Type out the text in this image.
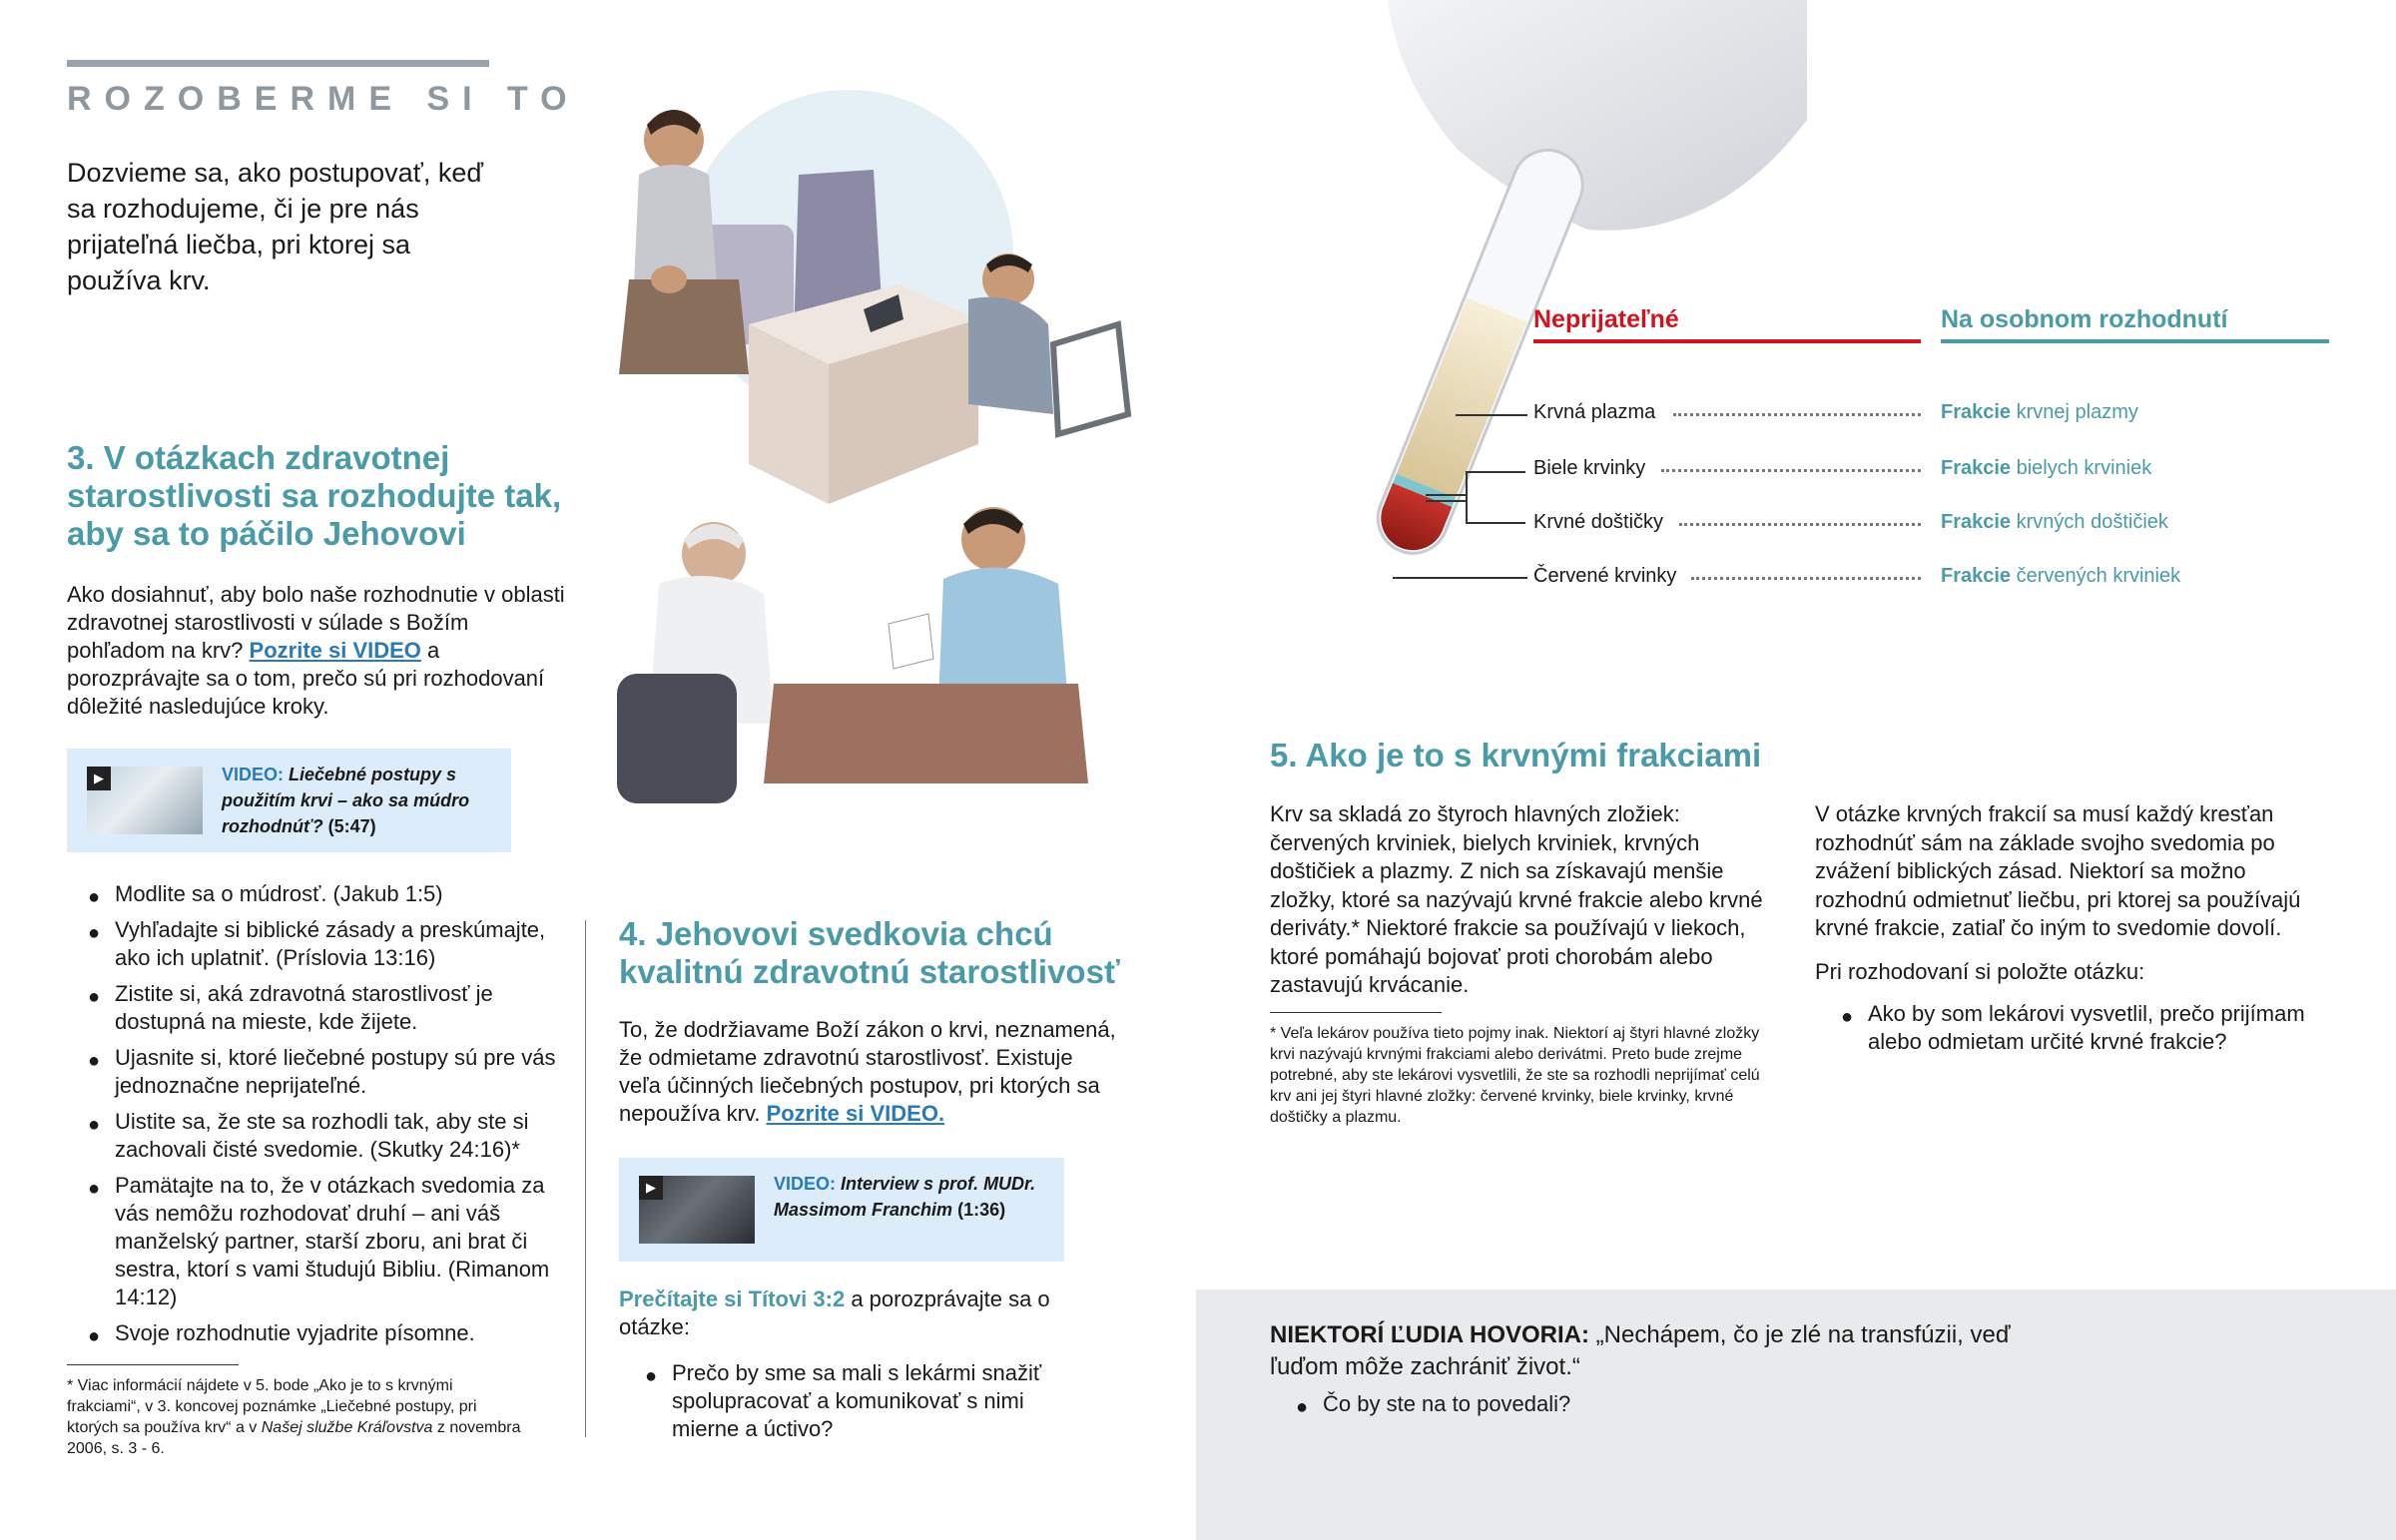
ROZOBERME SI TO
Dozvieme sa, ako postupovať, keď sa rozhodujeme, či je pre nás prijateľná liečba, pri ktorej sa používa krv.
3. V otázkach zdravotnej starostlivosti sa rozhodujte tak, aby sa to páčilo Jehovovi
Ako dosiahnuť, aby bolo naše rozhodnutie v oblasti zdravotnej starostlivosti v súlade s Božím pohľadom na krv? Pozrite si VIDEO a porozprávajte sa o tom, prečo sú pri rozhodovaní dôležité nasledujúce kroky.
▶	VIDEO: Liečebné postupy s použitím krvi – ako sa múdro rozhodnúť? (5:47)
● Modlite sa o múdrosť. (Jakub 1:5)
● Vyhľadajte si biblické zásady a preskúmajte, ako ich uplatniť. (Príslovia 13:16)
● Zistite si, aká zdravotná starostlivosť je dostupná na mieste, kde žijete.
● Ujasnite si, ktoré liečebné postupy sú pre vás jednoznačne neprijateľné.
● Uistite sa, že ste sa rozhodli tak, aby ste si zachovali čisté svedomie. (Skutky 24:16)*
● Pamätajte na to, že v otázkach svedomia za vás nemôžu rozhodovať druhí – ani váš manželský partner, starší zboru, ani brat či sestra, ktorí s vami študujú Bibliu. (Rimanom 14:12)
● Svoje rozhodnutie vyjadrite písomne.
* Viac informácií nájdete v 5. bode „Ako je to s krvnými frakciami“, v 3. koncovej poznámke „Liečebné postupy, pri ktorých sa používa krv“ a v Našej službe Kráľovstva z novembra 2006, s. 3 - 6.
4. Jehovovi svedkovia chcú kvalitnú zdravotnú starostlivosť
To, že dodržiavame Boží zákon o krvi, neznamená, že odmietame zdravotnú starostlivosť. Existuje veľa účinných liečebných postupov, pri ktorých sa nepoužíva krv. Pozrite si VIDEO.
▶	VIDEO: Interview s prof. MUDr. Massimom Franchim (1:36)
Prečítajte si Títovi 3:2 a porozprávajte sa o otázke:
● Prečo by sme sa mali s lekármi snažiť spolupracovať a komunikovať s nimi mierne a úctivo?
Neprijateľné	Na osobnom rozhodnutí
Krvná plazma	Frakcie krvnej plazmy
Biele krvinky	Frakcie bielych krviniek
Krvné doštičky	Frakcie krvných doštičiek
Červené krvinky	Frakcie červených krviniek
5. Ako je to s krvnými frakciami
Krv sa skladá zo štyroch hlavných zložiek: červených krviniek, bielych krviniek, krvných doštičiek a plazmy. Z nich sa získavajú menšie zložky, ktoré sa nazývajú krvné frakcie alebo krvné deriváty.* Niektoré frakcie sa používajú v liekoch, ktoré pomáhajú bojovať proti chorobám alebo zastavujú krvácanie.
* Veľa lekárov používa tieto pojmy inak. Niektorí aj štyri hlavné zložky krvi nazývajú krvnými frakciami alebo derivátmi. Preto bude zrejme potrebné, aby ste lekárovi vysvetlili, že ste sa rozhodli neprijímať celú krv ani jej štyri hlavné zložky: červené krvinky, biele krvinky, krvné doštičky a plazmu.
V otázke krvných frakcií sa musí každý kresťan rozhodnúť sám na základe svojho svedomia po zvážení biblických zásad. Niektorí sa možno rozhodnú odmietnuť liečbu, pri ktorej sa používajú krvné frakcie, zatiaľ čo iným to svedomie dovolí.
Pri rozhodovaní si položte otázku:
● Ako by som lekárovi vysvetlil, prečo prijímam alebo odmietam určité krvné frakcie?
NIEKTORÍ ĽUDIA HOVORIA: „Nechápem, čo je zlé na transfúzii, veď ľuďom môže zachrániť život.“
● Čo by ste na to povedali?
